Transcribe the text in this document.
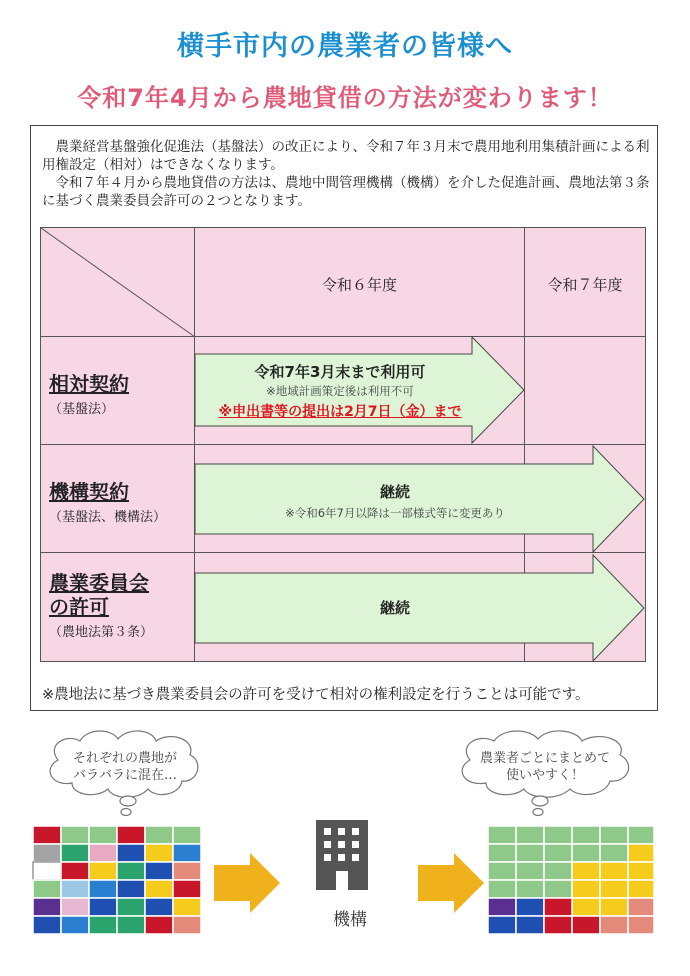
横手市内の農業者の皆様へ
令和7年4月から農地貸借の方法が変わります！

農業経営基盤強化促進法（基盤法）の改正により、令和７年３月末で農用地利用集積計画による利用権設定（相対）はできなくなります。

令和７年４月から農地貸借の方法は、農地中間管理機構（機構）を介した促進計画、農地法第３条に基づく農業委員会許可の２つとなります。

令和６年度	令和７年度
相対契約
（基盤法）
機構契約
（基盤法、機構法）
農業委員会
の許可
（農地法第３条）
令和7年3月末まで利用可
※地域計画策定後は利用不可
※申出書等の提出は2月7日（金）まで
継続
※令和6年7月以降は一部様式等に変更あり
継続
※農地法に基づき農業委員会の許可を受けて相対の権利設定を行うことは可能です。
それぞれの農地が
バラバラに混在…
農業者ごとにまとめて
使いやすく！
機構
